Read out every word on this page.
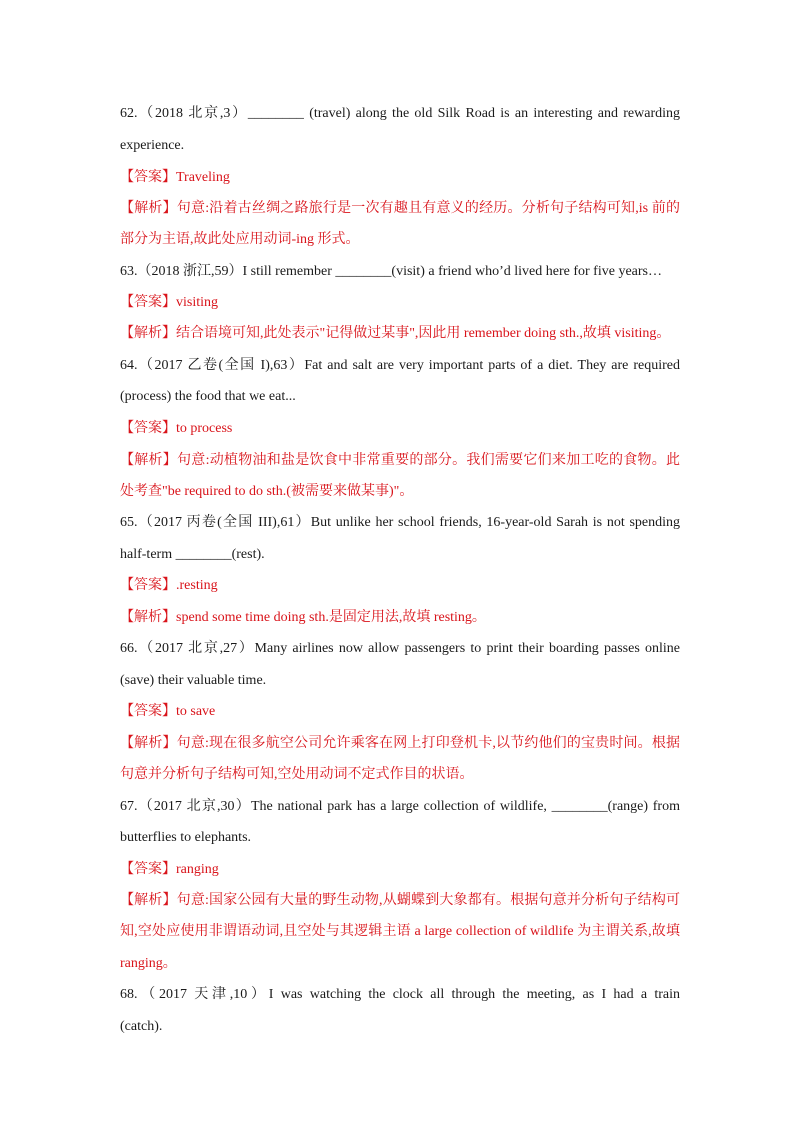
62.（2018 北京,3）________ (travel) along the old Silk Road is an interesting and rewarding
experience.
【答案】Traveling
【解析】句意:沿着古丝绸之路旅行是一次有趣且有意义的经历。分析句子结构可知,is 前的
部分为主语,故此处应用动词-ing 形式。
63.（2018 浙江,59）I still remember ________(visit) a friend who’d lived here for five years…
【答案】visiting
【解析】结合语境可知,此处表示"记得做过某事",因此用 remember doing sth.,故填 visiting。
64.（2017 乙卷(全国 I),63）Fat and salt are very important parts of a diet. They are required
(process) the food that we eat...
【答案】to process
【解析】句意:动植物油和盐是饮食中非常重要的部分。我们需要它们来加工吃的食物。此
处考查"be required to do sth.(被需要来做某事)"。
65.（2017 丙卷(全国 III),61）But unlike her school friends, 16-year-old Sarah is not spending
half-term ________(rest).
【答案】.resting
【解析】spend some time doing sth.是固定用法,故填 resting。
66.（2017 北京,27）Many airlines now allow passengers to print their boarding passes online
(save) their valuable time.
【答案】to save
【解析】句意:现在很多航空公司允许乘客在网上打印登机卡,以节约他们的宝贵时间。根据
句意并分析句子结构可知,空处用动词不定式作目的状语。
67.（2017 北京,30）The national park has a large collection of wildlife, ________(range) from
butterflies to elephants.
【答案】ranging
【解析】句意:国家公园有大量的野生动物,从蝴蝶到大象都有。根据句意并分析句子结构可
知,空处应使用非谓语动词,且空处与其逻辑主语 a large collection of wildlife 为主谓关系,故填
ranging。
68.（2017 天津,10）I was watching the clock all through the meeting, as I had a train
(catch).
